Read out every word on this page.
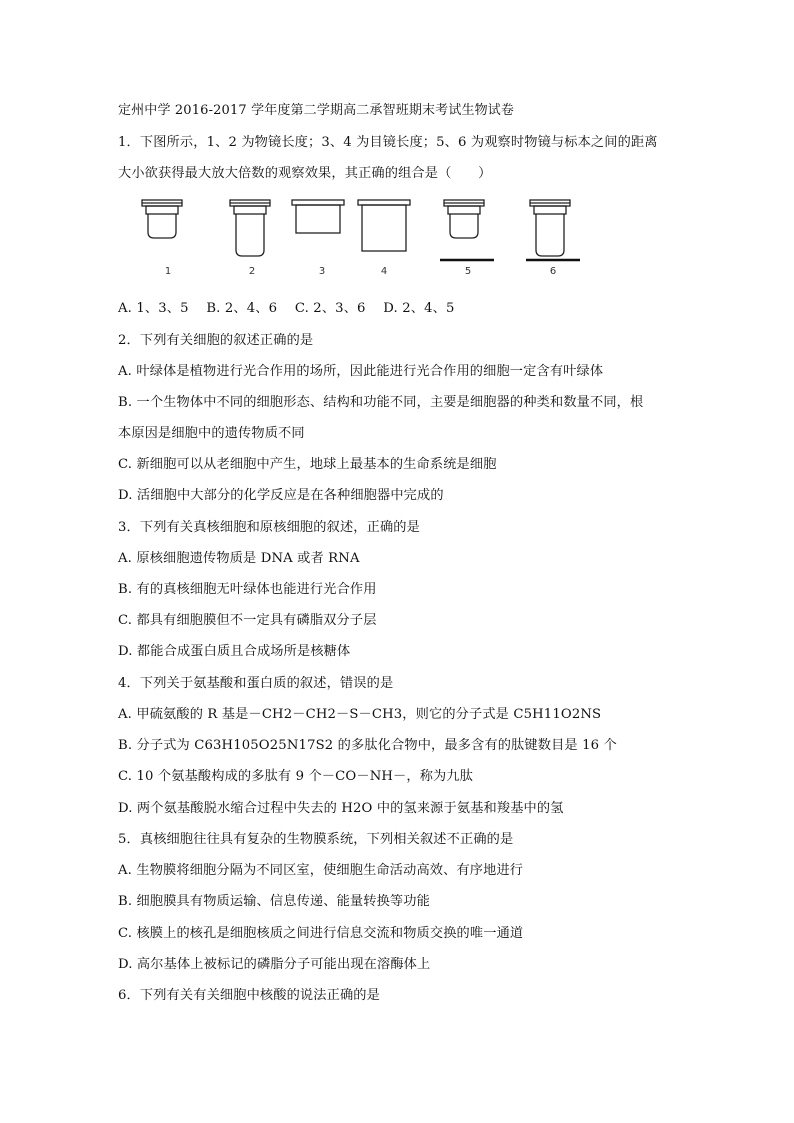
定州中学 2016-2017 学年度第二学期高二承智班期末考试生物试卷
1．下图所示，1、2 为物镜长度；3、4 为目镜长度；5、6 为观察时物镜与标本之间的距离
大小欲获得最大放大倍数的观察效果，其正确的组合是（　　）
1	2	3	4	5	6
A. 1、3、5　 B. 2、4、6　 C. 2、3、6　 D. 2、4、5
2．下列有关细胞的叙述正确的是
A. 叶绿体是植物进行光合作用的场所，因此能进行光合作用的细胞一定含有叶绿体
B. 一个生物体中不同的细胞形态、结构和功能不同，主要是细胞器的种类和数量不同，根
本原因是细胞中的遗传物质不同
C. 新细胞可以从老细胞中产生，地球上最基本的生命系统是细胞
D. 活细胞中大部分的化学反应是在各种细胞器中完成的
3．下列有关真核细胞和原核细胞的叙述，正确的是
A. 原核细胞遗传物质是 DNA 或者 RNA
B. 有的真核细胞无叶绿体也能进行光合作用
C. 都具有细胞膜但不一定具有磷脂双分子层
D. 都能合成蛋白质且合成场所是核糖体
4．下列关于氨基酸和蛋白质的叙述，错误的是
A. 甲硫氨酸的 R 基是－CH2－CH2－S－CH3，则它的分子式是 C5H11O2NS
B. 分子式为 C63H105O25N17S2 的多肽化合物中，最多含有的肽键数目是 16 个
C. 10 个氨基酸构成的多肽有 9 个－CO－NH－，称为九肽
D. 两个氨基酸脱水缩合过程中失去的 H2O 中的氢来源于氨基和羧基中的氢
5．真核细胞往往具有复杂的生物膜系统，下列相关叙述不正确的是
A. 生物膜将细胞分隔为不同区室，使细胞生命活动高效、有序地进行
B. 细胞膜具有物质运输、信息传递、能量转换等功能
C. 核膜上的核孔是细胞核质之间进行信息交流和物质交换的唯一通道
D. 高尔基体上被标记的磷脂分子可能出现在溶酶体上
6．下列有关有关细胞中核酸的说法正确的是
